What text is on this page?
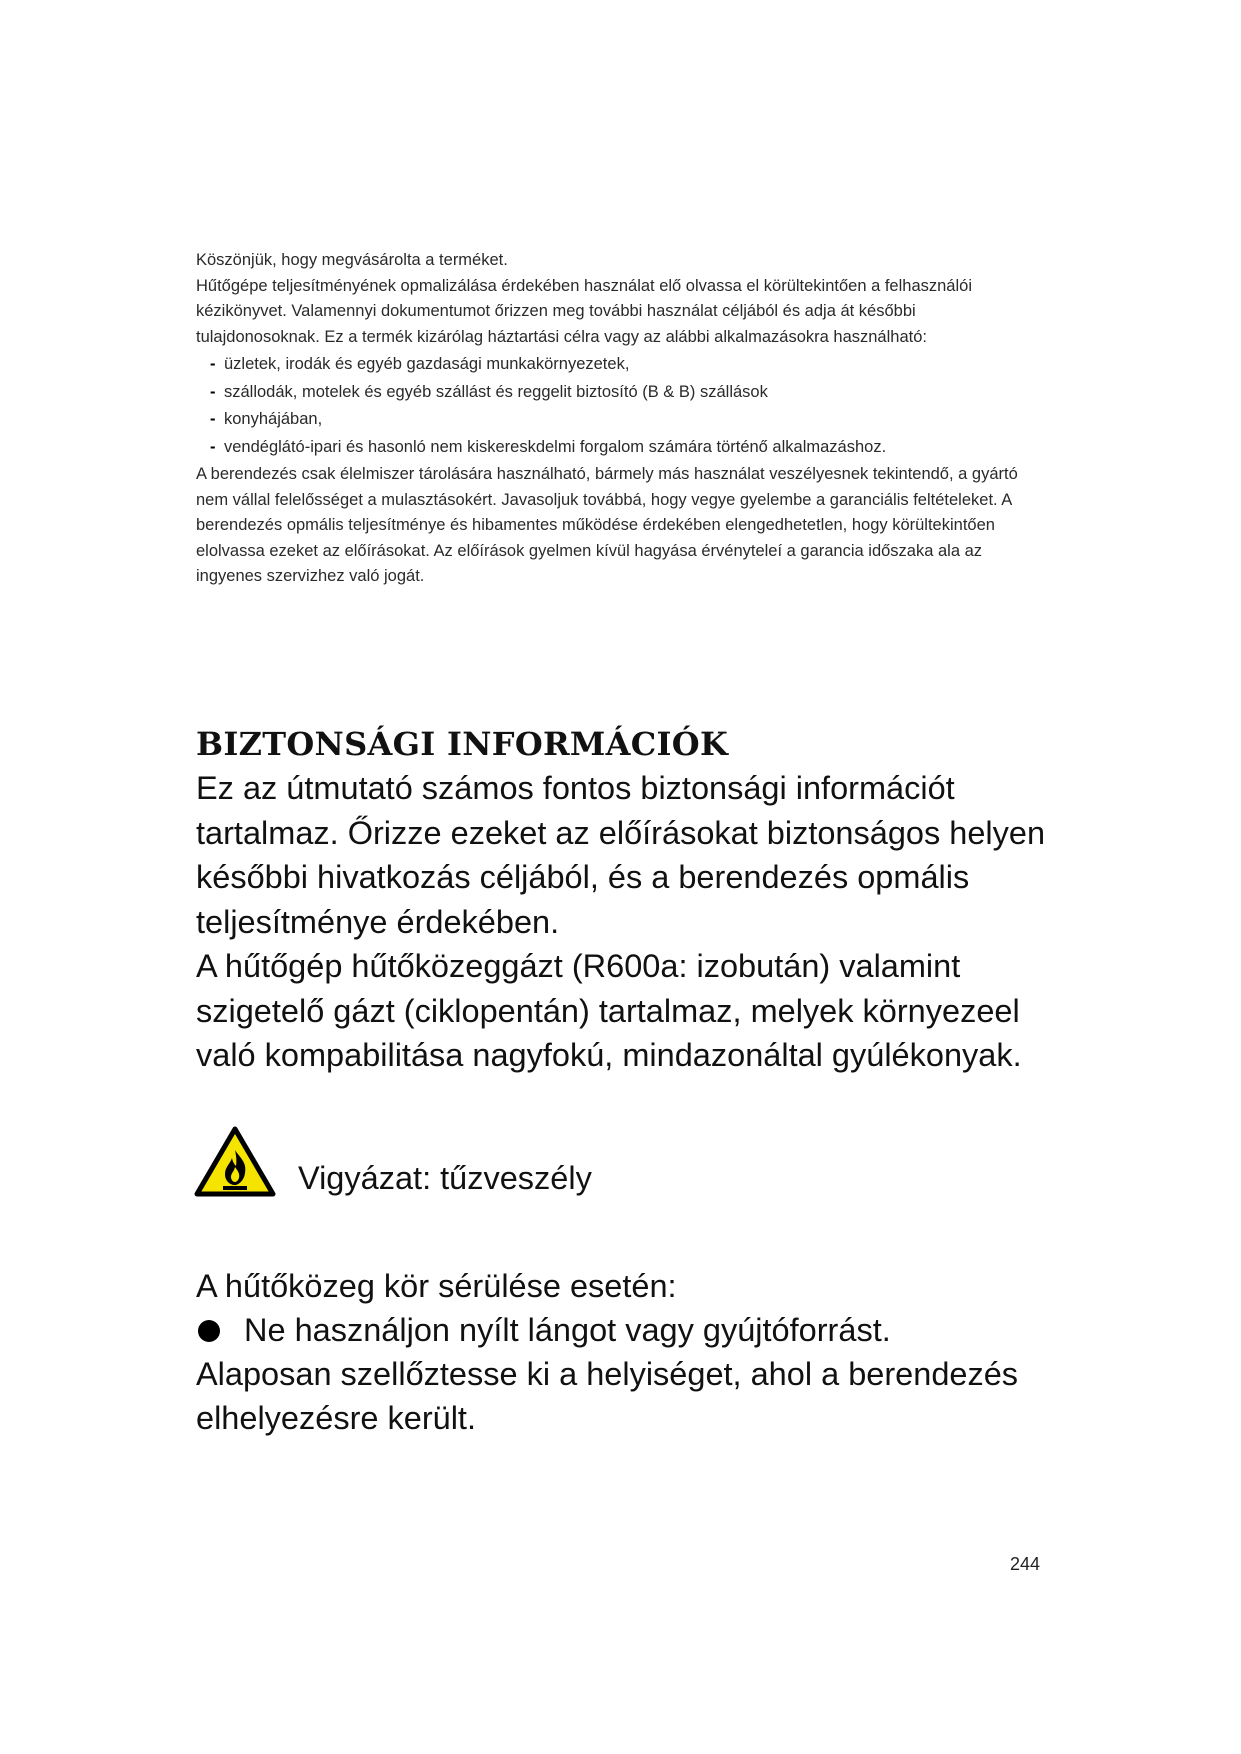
Köszönjük, hogy megvásárolta a terméket.

Hűtőgépe teljesítményének opmalizálása érdekében használat elő olvassa el körültekintően a felhasználói kézikönyvet. Valamennyi dokumentumot őrizzen meg további használat céljából és adja át későbbi tulajdonosoknak. Ez a termék kizárólag háztartási célra vagy az alábbi alkalmazásokra használható:

- üzletek, irodák és egyéb gazdasági munkakörnyezetek,
- szállodák, motelek és egyéb szállást és reggelit biztosító (B & B) szállások
- konyhájában,
- vendéglátó-ipari és hasonló nem kiskereskdelmi forgalom számára történő alkalmazáshoz.

A berendezés csak élelmiszer tárolására használható, bármely más használat veszélyesnek tekintendő, a gyártó nem vállal felelősséget a mulasztásokért. Javasoljuk továbbá, hogy vegye gyelembe a garanciális feltételeket. A berendezés opmális teljesítménye és hibamentes működése érdekében elengedhetetlen, hogy körültekintően elolvassa ezeket az előírásokat. Az előírások gyelmen kívül hagyása érvényteleí a garancia időszaka ala az ingyenes szervizhez való jogát.

BIZTONSÁGI INFORMÁCIÓK

Ez az útmutató számos fontos biztonsági információt tartalmaz. Őrizze ezeket az előírásokat biztonságos helyen későbbi hivatkozás céljából, és a berendezés opmális teljesítménye érdekében.

A hűtőgép hűtőközeggázt (R600a: izobután) valamint szigetelő gázt (ciklopentán) tartalmaz, melyek környezeel való kompabilitása nagyfokú, mindazonáltal gyúlékonyak.

Vigyázat: tűzveszély

A hűtőközeg kör sérülése esetén:

Ne használjon nyílt lángot vagy gyújtóforrást.

Alaposan szellőztesse ki a helyiséget, ahol a berendezés elhelyezésre került.

244
